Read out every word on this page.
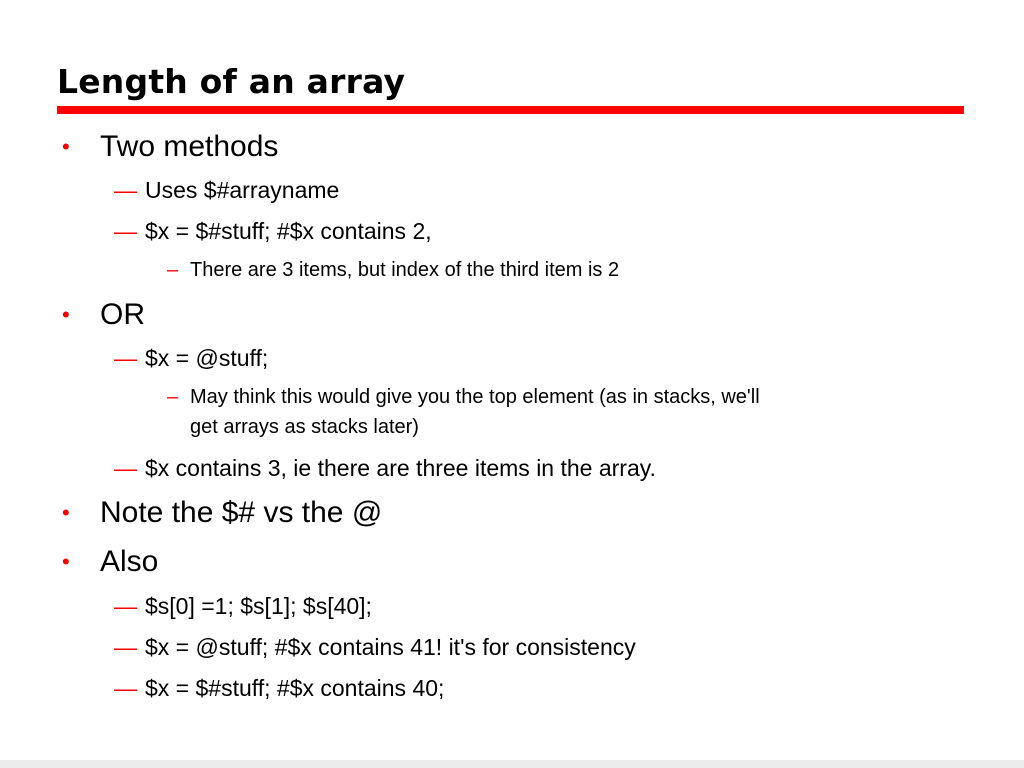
Length of an array
• Two methods
— Uses $#arrayname
— $x = $#stuff; #$x contains 2,
– There are 3 items, but index of the third item is 2
• OR
— $x = @stuff;
– May think this would give you the top element (as in stacks, we'll
get arrays as stacks later)
— $x contains 3, ie there are three items in the array.
• Note the $# vs the @
• Also
— $s[0] =1; $s[1]; $s[40];
— $x = @stuff; #$x contains 41! it's for consistency
— $x = $#stuff; #$x contains 40;
